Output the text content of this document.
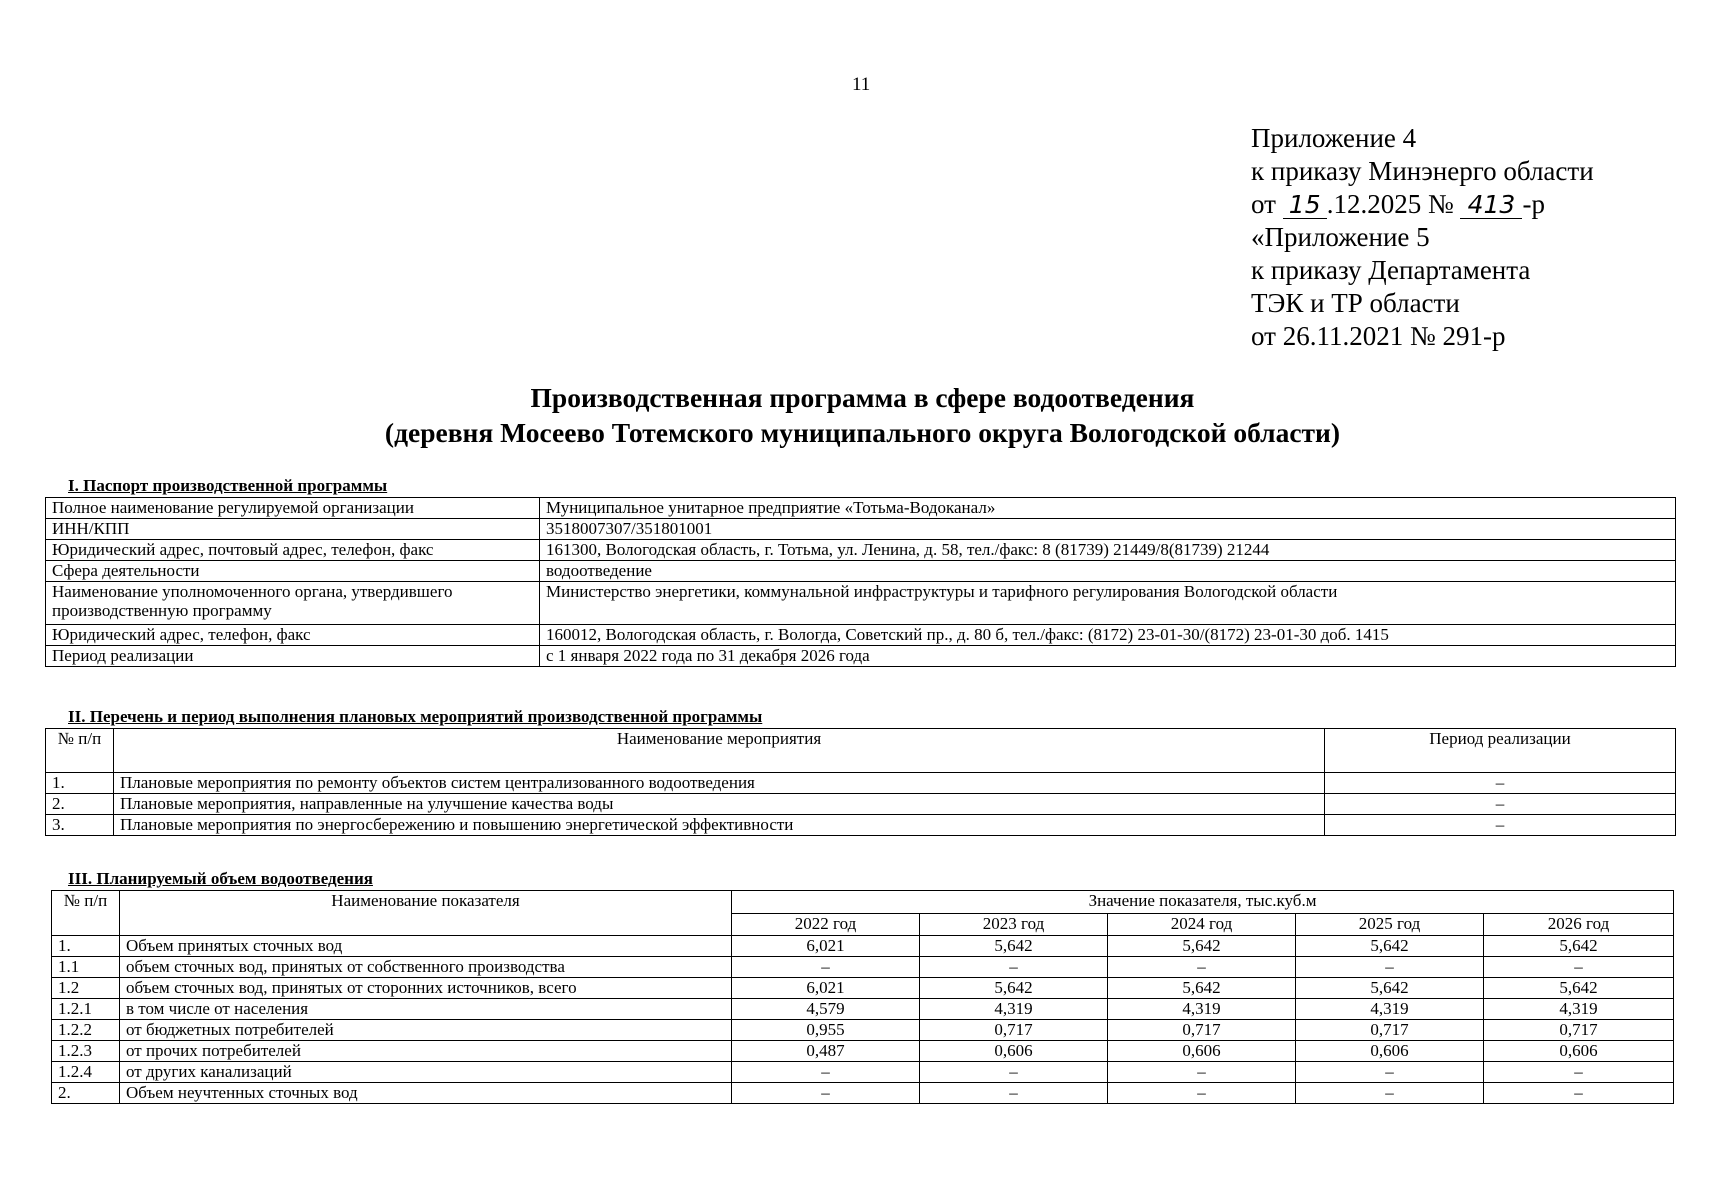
11
Приложение 4
к приказу Минэнерго области
от 15 .12.2025 № 413 -р
«Приложение 5
к приказу Департамента
ТЭК и ТР области
от 26.11.2021 № 291-р
Производственная программа в сфере водоотведения
(деревня Мосеево Тотемского муниципального округа Вологодской области)
I. Паспорт производственной программы
Полное наименование регулируемой организации	Муниципальное унитарное предприятие «Тотьма-Водоканал»
ИНН/КПП	3518007307/351801001
Юридический адрес, почтовый адрес, телефон, факс	161300, Вологодская область, г. Тотьма, ул. Ленина, д. 58, тел./факс: 8 (81739) 21449/8(81739) 21244
Сфера деятельности	водоотведение
Наименование уполномоченного органа, утвердившего производственную программу	Министерство энергетики, коммунальной инфраструктуры и тарифного регулирования Вологодской области
Юридический адрес, телефон, факс	160012, Вологодская область, г. Вологда, Советский пр., д. 80 б, тел./факс: (8172) 23-01-30/(8172) 23-01-30 доб. 1415
Период реализации	с 1 января 2022 года по 31 декабря 2026 года
II. Перечень и период выполнения плановых мероприятий производственной программы
№ п/п	Наименование мероприятия	Период реализации
1.	Плановые мероприятия по ремонту объектов систем централизованного водоотведения	–
2.	Плановые мероприятия, направленные на улучшение качества воды	–
3.	Плановые мероприятия по энергосбережению и повышению энергетической эффективности	–
III. Планируемый объем водоотведения
№ п/п	Наименование показателя	Значение показателя, тыс.куб.м				
		2022 год	2023 год	2024 год	2025 год	2026 год
1.	Объем принятых сточных вод	6,021	5,642	5,642	5,642	5,642
1.1	объем сточных вод, принятых от собственного производства	–	–	–	–	–
1.2	объем сточных вод, принятых от сторонних источников, всего	6,021	5,642	5,642	5,642	5,642
1.2.1	в том числе от населения	4,579	4,319	4,319	4,319	4,319
1.2.2	от бюджетных потребителей	0,955	0,717	0,717	0,717	0,717
1.2.3	от прочих потребителей	0,487	0,606	0,606	0,606	0,606
1.2.4	от других канализаций	–	–	–	–	–
2.	Объем неучтенных сточных вод	–	–	–	–	–
